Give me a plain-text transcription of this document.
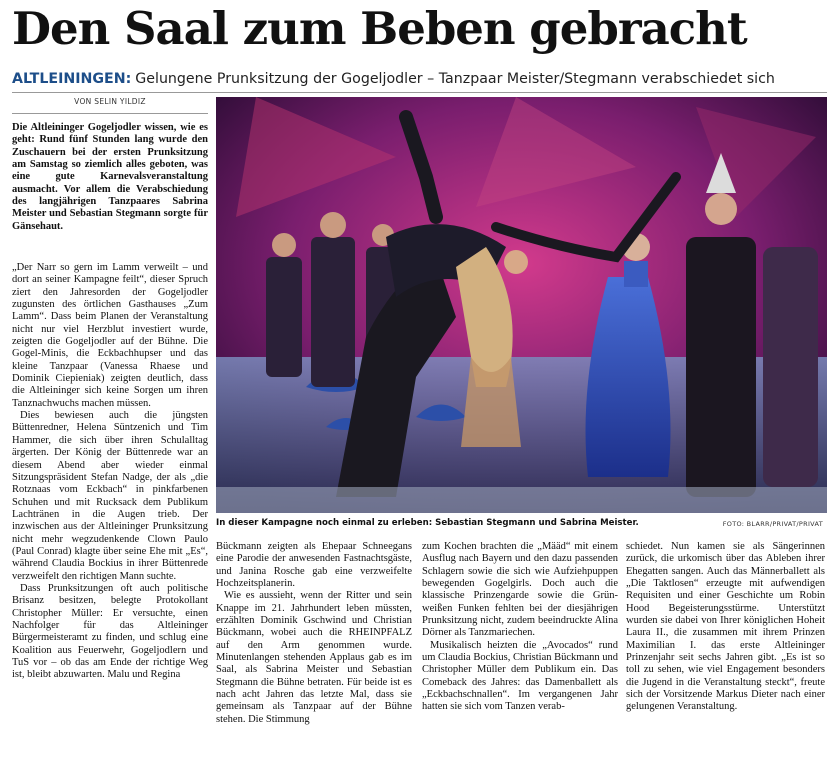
Den Saal zum Beben gebracht
ALTLEININGEN: Gelungene Prunksitzung der Gogeljodler – Tanzpaar Meister/Stegmann verabschiedet sich
VON SELIN YILDIZ
Die Altleininger Gogeljodler wissen, wie es geht: Rund fünf Stunden lang wurde den Zuschauern bei der ersten Prunksitzung am Samstag so ziemlich alles geboten, was eine gute Karnevalsveranstaltung ausmacht. Vor allem die Verabschiedung des langjährigen Tanzpaares Sabrina Meister und Sebastian Stegmann sorgte für Gänsehaut.

„Der Narr so gern im Lamm verweilt – und dort an seiner Kampagne feilt“, dieser Spruch ziert den Jahresorden der Gogeljodler zugunsten des örtlichen Gasthauses „Zum Lamm“. Dass beim Planen der Veranstaltung nicht nur viel Herzblut investiert wurde, zeigten die Gogeljodler auf der Bühne. Die Gogel-Minis, die Eckbachhupser und das kleine Tanzpaar (Vanessa Rhaese und Dominik Ciepieniak) zeigten deutlich, dass die Altleininger sich keine Sorgen um ihren Tanznachwuchs machen müssen.

Dies bewiesen auch die jüngsten Büttenredner, Helena Süntzenich und Tim Hammer, die sich über ihren Schulalltag ärgerten. Der König der Büttenrede war an diesem Abend aber wieder einmal Sitzungspräsident Stefan Nadge, der als „die Rotznaas vom Eckbach“ in pinkfarbenen Schuhen und mit Rucksack dem Publikum Lachtränen in die Augen trieb. Der inzwischen aus der Altleininger Prunksitzung nicht mehr wegzudenkende Clown Paulo (Paul Conrad) klagte über seine Ehe mit „Es“, während Claudia Bockius in ihrer Büttenrede verzweifelt den richtigen Mann suchte.

Dass Prunksitzungen oft auch politische Brisanz besitzen, belegte Protokollant Christopher Müller: Er versuchte, einen Nachfolger für das Altleininger Bürgermeisteramt zu finden, und schlug eine Koalition aus Feuerwehr, Gogeljodlern und TuS vor – ob das am Ende der richtige Weg ist, bleibt abzuwarten. Malu und Regina

In dieser Kampagne noch einmal zu erleben: Sebastian Stegmann und Sabrina Meister.	FOTO: BLARR/PRIVAT/PRIVAT

Bückmann zeigten als Ehepaar Schneegans eine Parodie der anwesenden Fastnachtsgäste, und Janina Rosche gab eine verzweifelte Hochzeitsplanerin.

Wie es aussieht, wenn der Ritter und sein Knappe im 21. Jahrhundert leben müssten, erzählten Dominik Gschwind und Christian Bückmann, wobei auch die RHEINPFALZ auf den Arm genommen wurde. Minutenlangen stehenden Applaus gab es im Saal, als Sabrina Meister und Sebastian Stegmann die Bühne betraten. Für beide ist es nach acht Jahren das letzte Mal, dass sie gemeinsam als Tanzpaar auf der Bühne stehen. Die Stimmung

zum Kochen brachten die „Määd“ mit einem Ausflug nach Bayern und den dazu passenden Schlagern sowie die sich wie Aufziehpuppen bewegenden Gogelgirls. Doch auch die klassische Prinzengarde sowie die Grün-weißen Funken fehlten bei der diesjährigen Prunksitzung nicht, zudem beeindruckte Alina Dörner als Tanzmariechen.

Musikalisch heizten die „Avocados“ rund um Claudia Bockius, Christian Bückmann und Christopher Müller dem Publikum ein. Das Comeback des Jahres: das Damenballett als „Eckbachschnallen“. Im vergangenen Jahr hatten sie sich vom Tanzen verab-

schiedet. Nun kamen sie als Sängerinnen zurück, die urkomisch über das Ableben ihrer Ehegatten sangen. Auch das Männerballett als „Die Taktlosen“ erzeugte mit aufwendigen Requisiten und einer Geschichte um Robin Hood Begeisterungsstürme. Unterstützt wurden sie dabei von Ihrer königlichen Hoheit Laura II., die zusammen mit ihrem Prinzen Maximilian I. das erste Altleininger Prinzenjahr seit sechs Jahren gibt. „Es ist so toll zu sehen, wie viel Engagement besonders die Jugend in die Veranstaltung steckt“, freute sich der Vorsitzende Markus Dieter nach einer gelungenen Veranstaltung.
